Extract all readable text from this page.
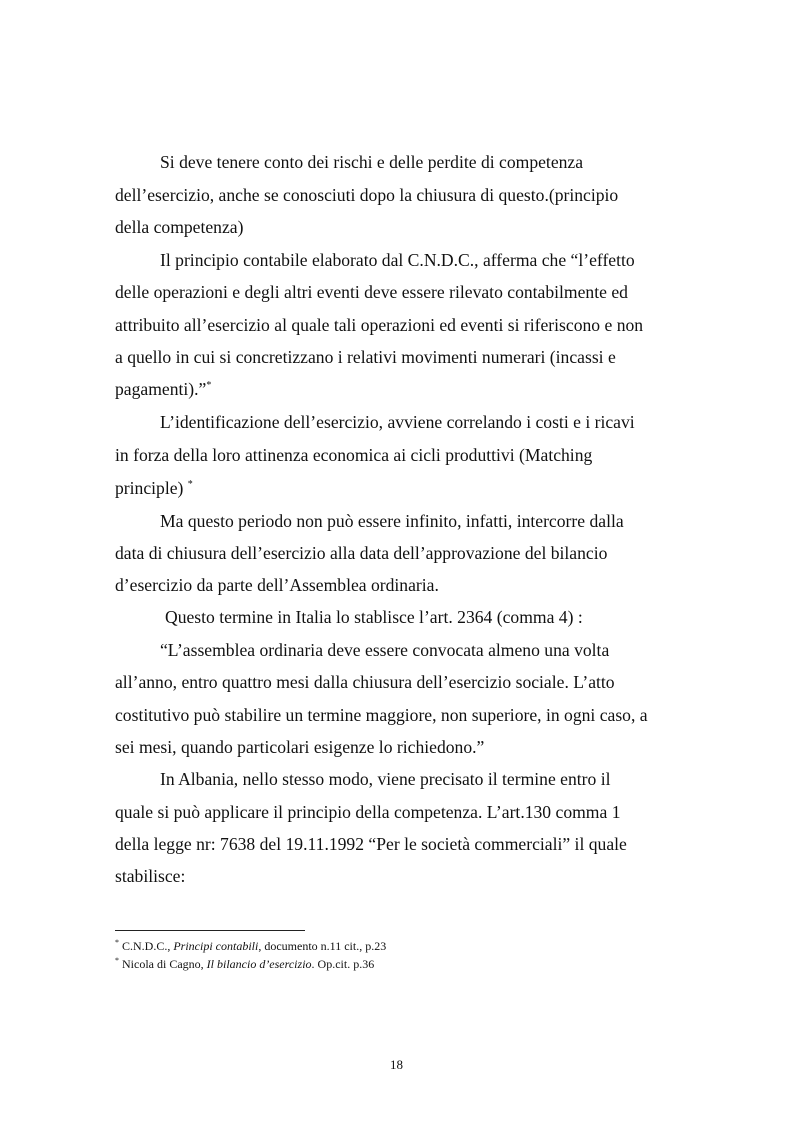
Si deve tenere conto dei rischi e delle perdite di competenza

dell’esercizio, anche se conosciuti dopo la chiusura di questo.(principio

della competenza)

Il principio contabile elaborato dal C.N.D.C., afferma che “l’effetto

delle operazioni e degli altri eventi deve essere rilevato contabilmente ed

attribuito all’esercizio al quale tali operazioni ed eventi si riferiscono e non

a quello in cui si concretizzano i relativi movimenti numerari (incassi e

pagamenti).”*

L’identificazione dell’esercizio, avviene correlando i costi e i ricavi

in forza della loro attinenza economica ai cicli produttivi (Matching

principle) *

Ma questo periodo non può essere infinito, infatti, intercorre dalla

data di chiusura dell’esercizio alla data dell’approvazione del bilancio

d’esercizio da parte dell’Assemblea ordinaria.

Questo termine in Italia lo stablisce l’art. 2364 (comma 4) :

“L’assemblea ordinaria deve essere convocata almeno una volta

all’anno, entro quattro mesi dalla chiusura dell’esercizio sociale. L’atto

costitutivo può stabilire un termine maggiore, non superiore, in ogni caso, a

sei mesi, quando particolari esigenze lo richiedono.”

In Albania, nello stesso modo, viene precisato il termine entro il

quale si può applicare il principio della competenza. L’art.130 comma 1

della legge nr: 7638 del 19.11.1992 “Per le società commerciali” il quale

stabilisce:

* C.N.D.C., Principi contabili, documento n.11 cit., p.23
* Nicola di Cagno, Il bilancio d’esercizio. Op.cit. p.36
18
